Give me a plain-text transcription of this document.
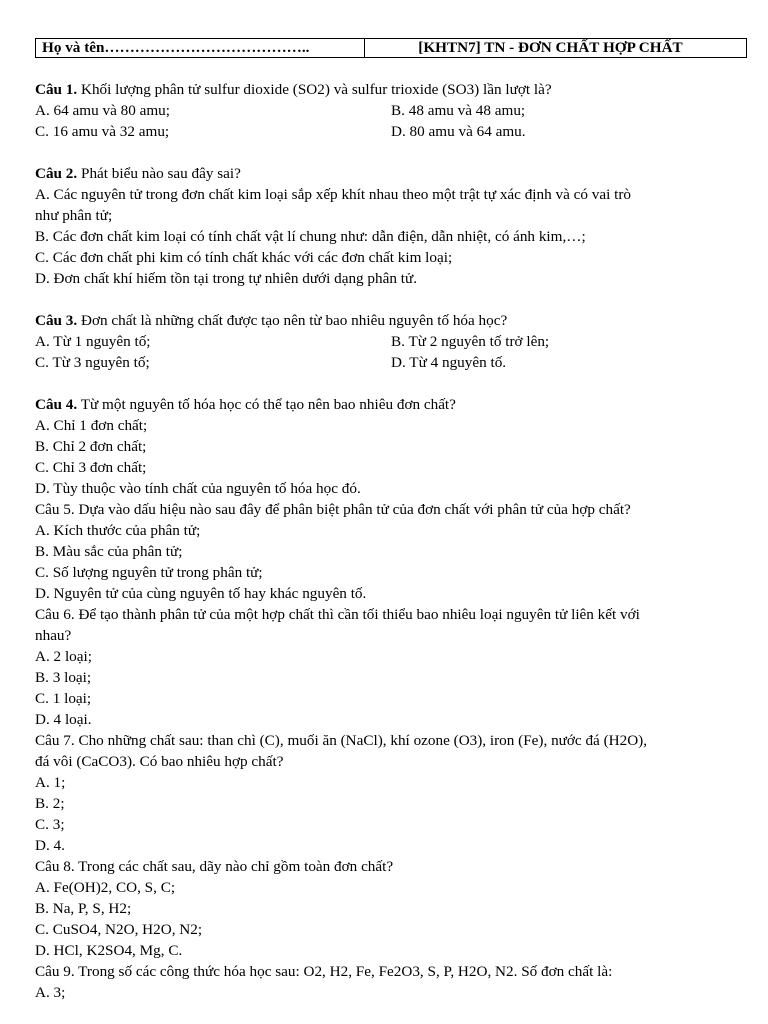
Họ và tên…………………………………..	[KHTN7] TN - ĐƠN CHẤT HỢP CHẤT
Câu 1. Khối lượng phân tử sulfur dioxide (SO2) và sulfur trioxide (SO3) lần lượt là?
A. 64 amu và 80 amu;	B. 48 amu và 48 amu;
C. 16 amu và 32 amu;	D. 80 amu và 64 amu.
Câu 2. Phát biểu nào sau đây sai?
A. Các nguyên tử trong đơn chất kim loại sắp xếp khít nhau theo một trật tự xác định và có vai trò
như phân tử;
B. Các đơn chất kim loại có tính chất vật lí chung như: dẫn điện, dẫn nhiệt, có ánh kim,…;
C. Các đơn chất phi kim có tính chất khác với các đơn chất kim loại;
D. Đơn chất khí hiếm tồn tại trong tự nhiên dưới dạng phân tử.
Câu 3. Đơn chất là những chất được tạo nên từ bao nhiêu nguyên tố hóa học?
A. Từ 1 nguyên tố;	B. Từ 2 nguyên tố trở lên;
C. Từ 3 nguyên tố;	D. Từ 4 nguyên tố.
Câu 4. Từ một nguyên tố hóa học có thể tạo nên bao nhiêu đơn chất?
A. Chỉ 1 đơn chất;
B. Chỉ 2 đơn chất;
C. Chỉ 3 đơn chất;
D. Tùy thuộc vào tính chất của nguyên tố hóa học đó.
Câu 5. Dựa vào dấu hiệu nào sau đây để phân biệt phân tử của đơn chất với phân tử của hợp chất?
A. Kích thước của phân tử;
B. Màu sắc của phân tử;
C. Số lượng nguyên tử trong phân tử;
D. Nguyên tử của cùng nguyên tố hay khác nguyên tố.
Câu 6. Để tạo thành phân tử của một hợp chất thì cần tối thiểu bao nhiêu loại nguyên tử liên kết với
nhau?
A. 2 loại;
B. 3 loại;
C. 1 loại;
D. 4 loại.
Câu 7. Cho những chất sau: than chì (C), muối ăn (NaCl), khí ozone (O3), iron (Fe), nước đá (H2O),
đá vôi (CaCO3). Có bao nhiêu hợp chất?
A. 1;
B. 2;
C. 3;
D. 4.
Câu 8. Trong các chất sau, dãy nào chỉ gồm toàn đơn chất?
A. Fe(OH)2, CO, S, C;
B. Na, P, S, H2;
C. CuSO4, N2O, H2O, N2;
D. HCl, K2SO4, Mg, C.
Câu 9. Trong số các công thức hóa học sau: O2, H2, Fe, Fe2O3, S, P, H2O, N2. Số đơn chất là:
A. 3;
